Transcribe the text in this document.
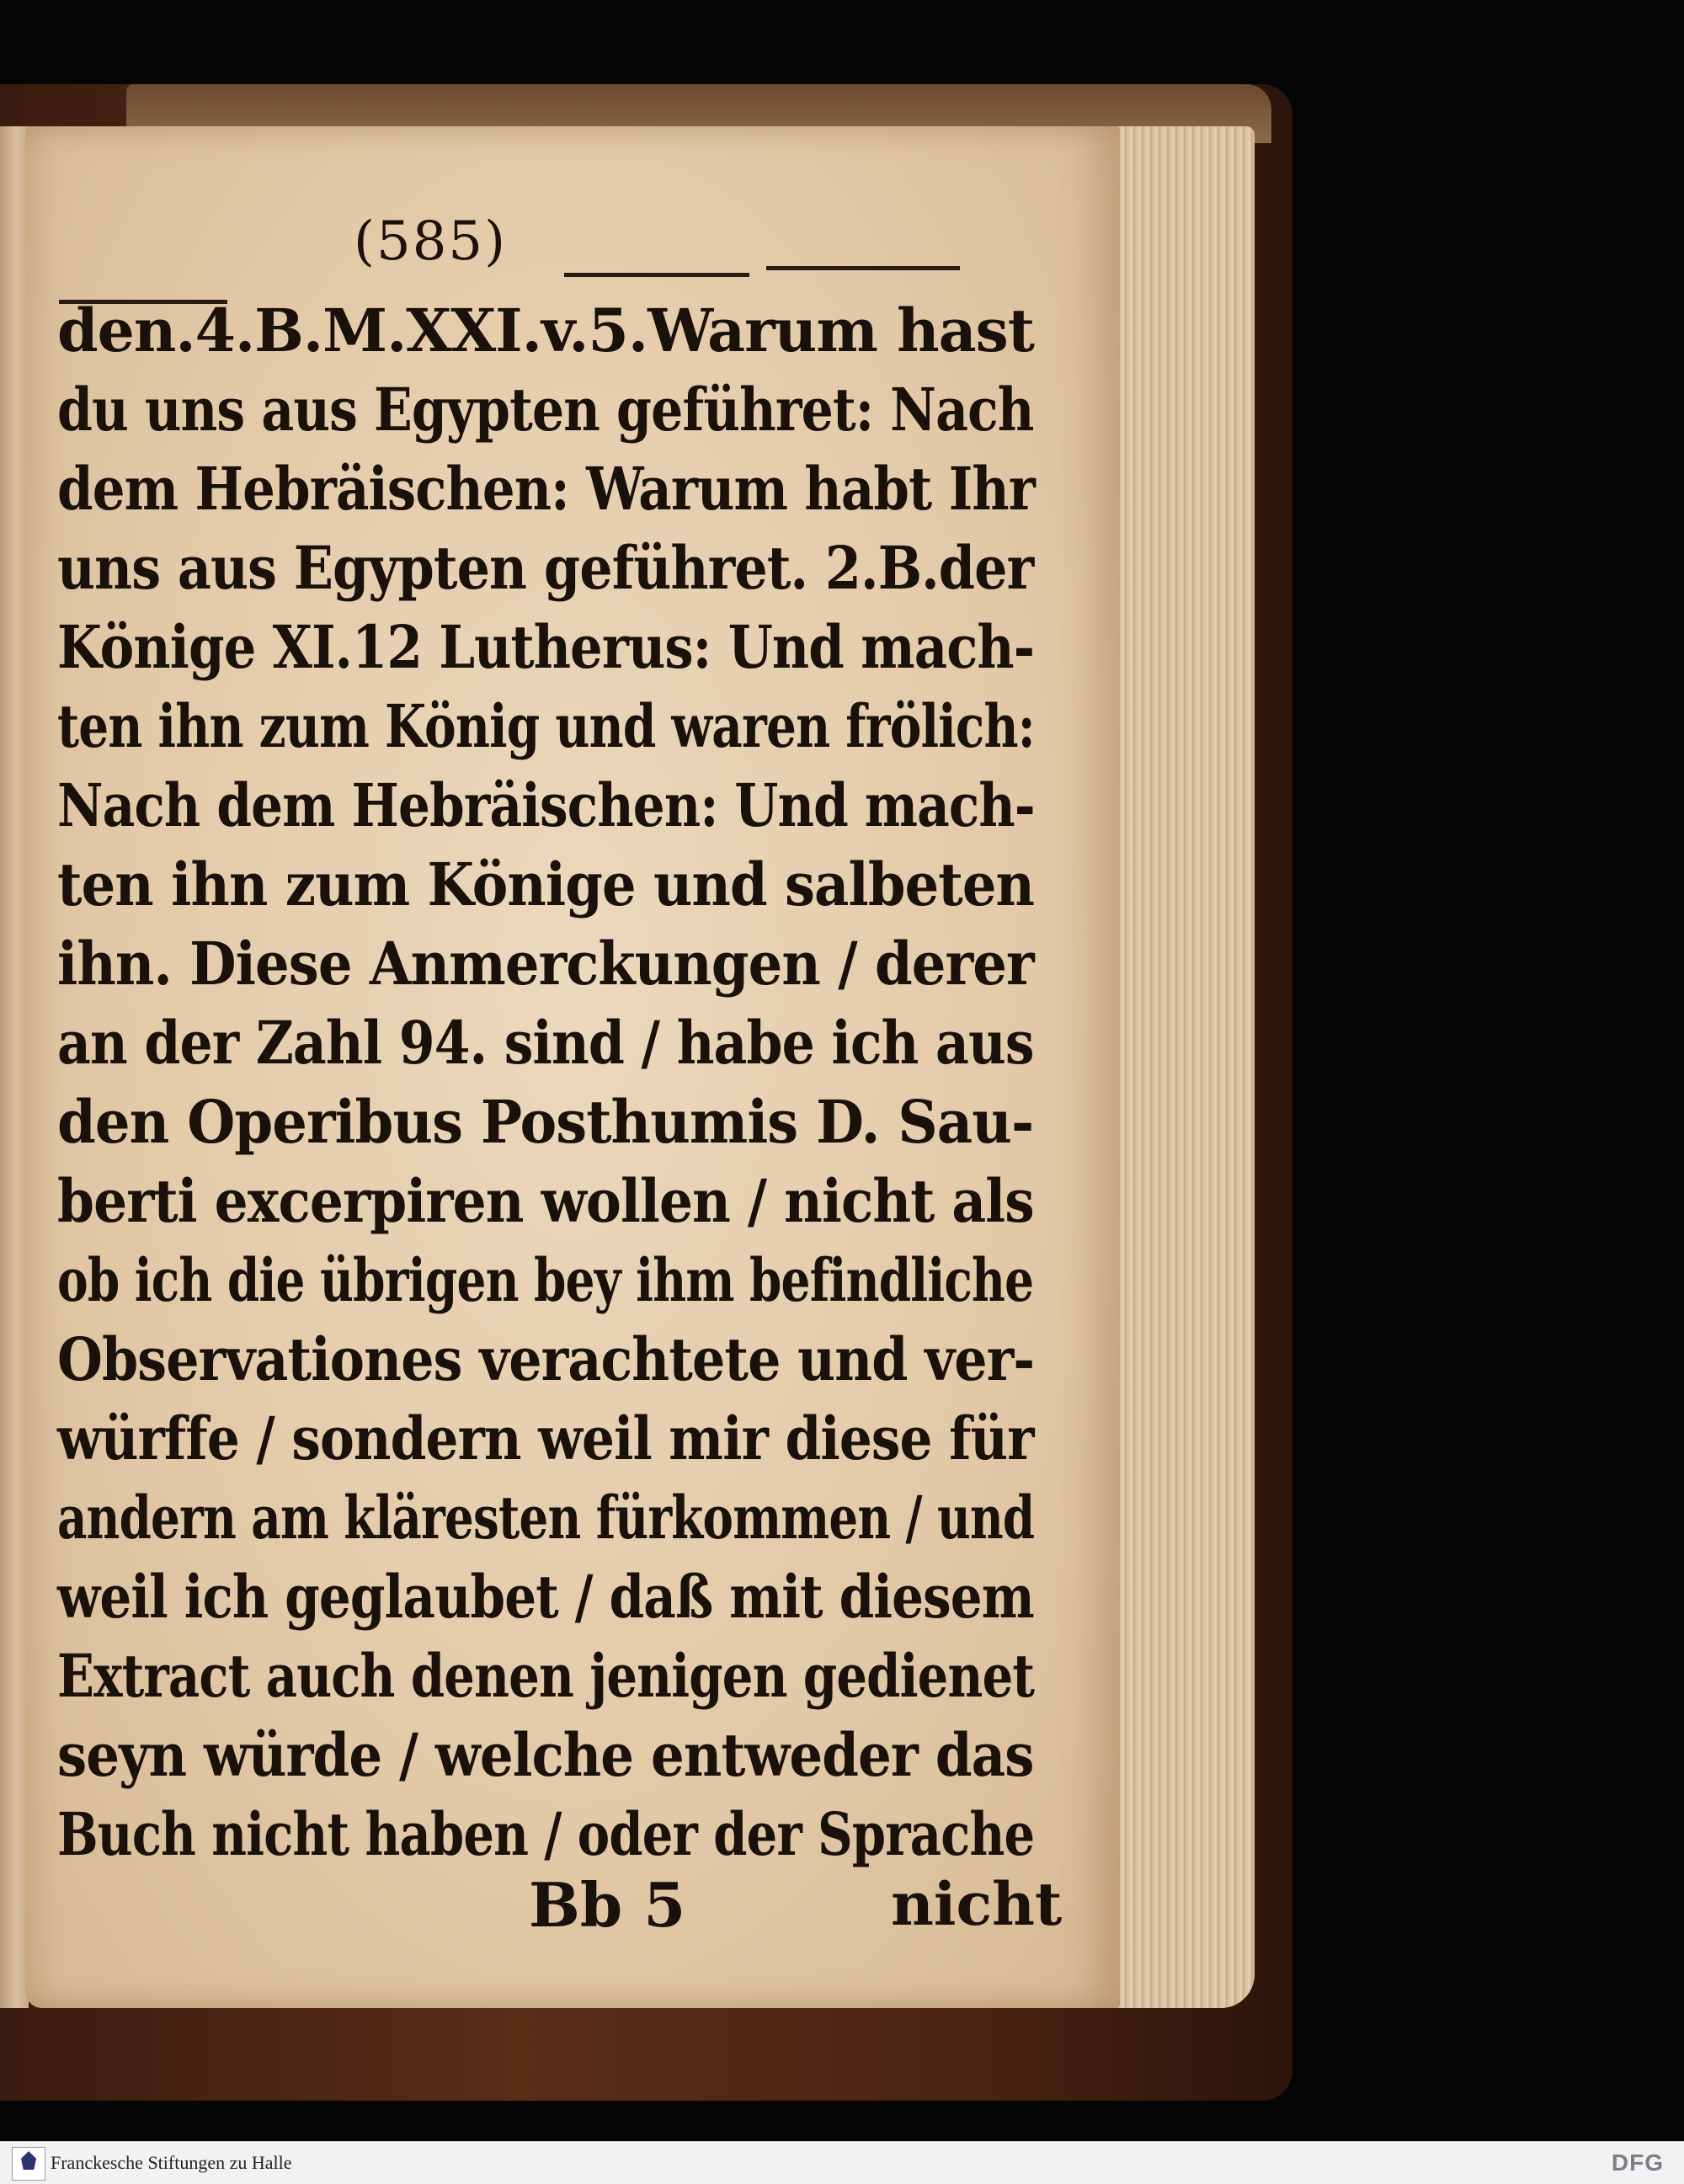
(585)
den.4.B.M.XXI.v.5.Warum hast
du uns aus Egypten geführet: Nach
dem Hebräischen: Warum habt Ihr
uns aus Egypten geführet. 2.B.der
Könige XI.12 Lutherus: Und mach-
ten ihn zum König und waren frölich:
Nach dem Hebräischen: Und mach-
ten ihn zum Könige und salbeten
ihn. Diese Anmerckungen / derer
an der Zahl 94. sind / habe ich aus
den Operibus Posthumis D. Sau-
berti excerpiren wollen / nicht als
ob ich die übrigen bey ihm befindliche
Observationes verachtete und ver-
würffe / sondern weil mir diese für
andern am kläresten fürkommen / und
weil ich geglaubet / daß mit diesem
Extract auch denen jenigen gedienet
seyn würde / welche entweder das
Buch nicht haben / oder der Sprache
Bb 5	nicht
Franckesche Stiftungen zu Halle	DFG
